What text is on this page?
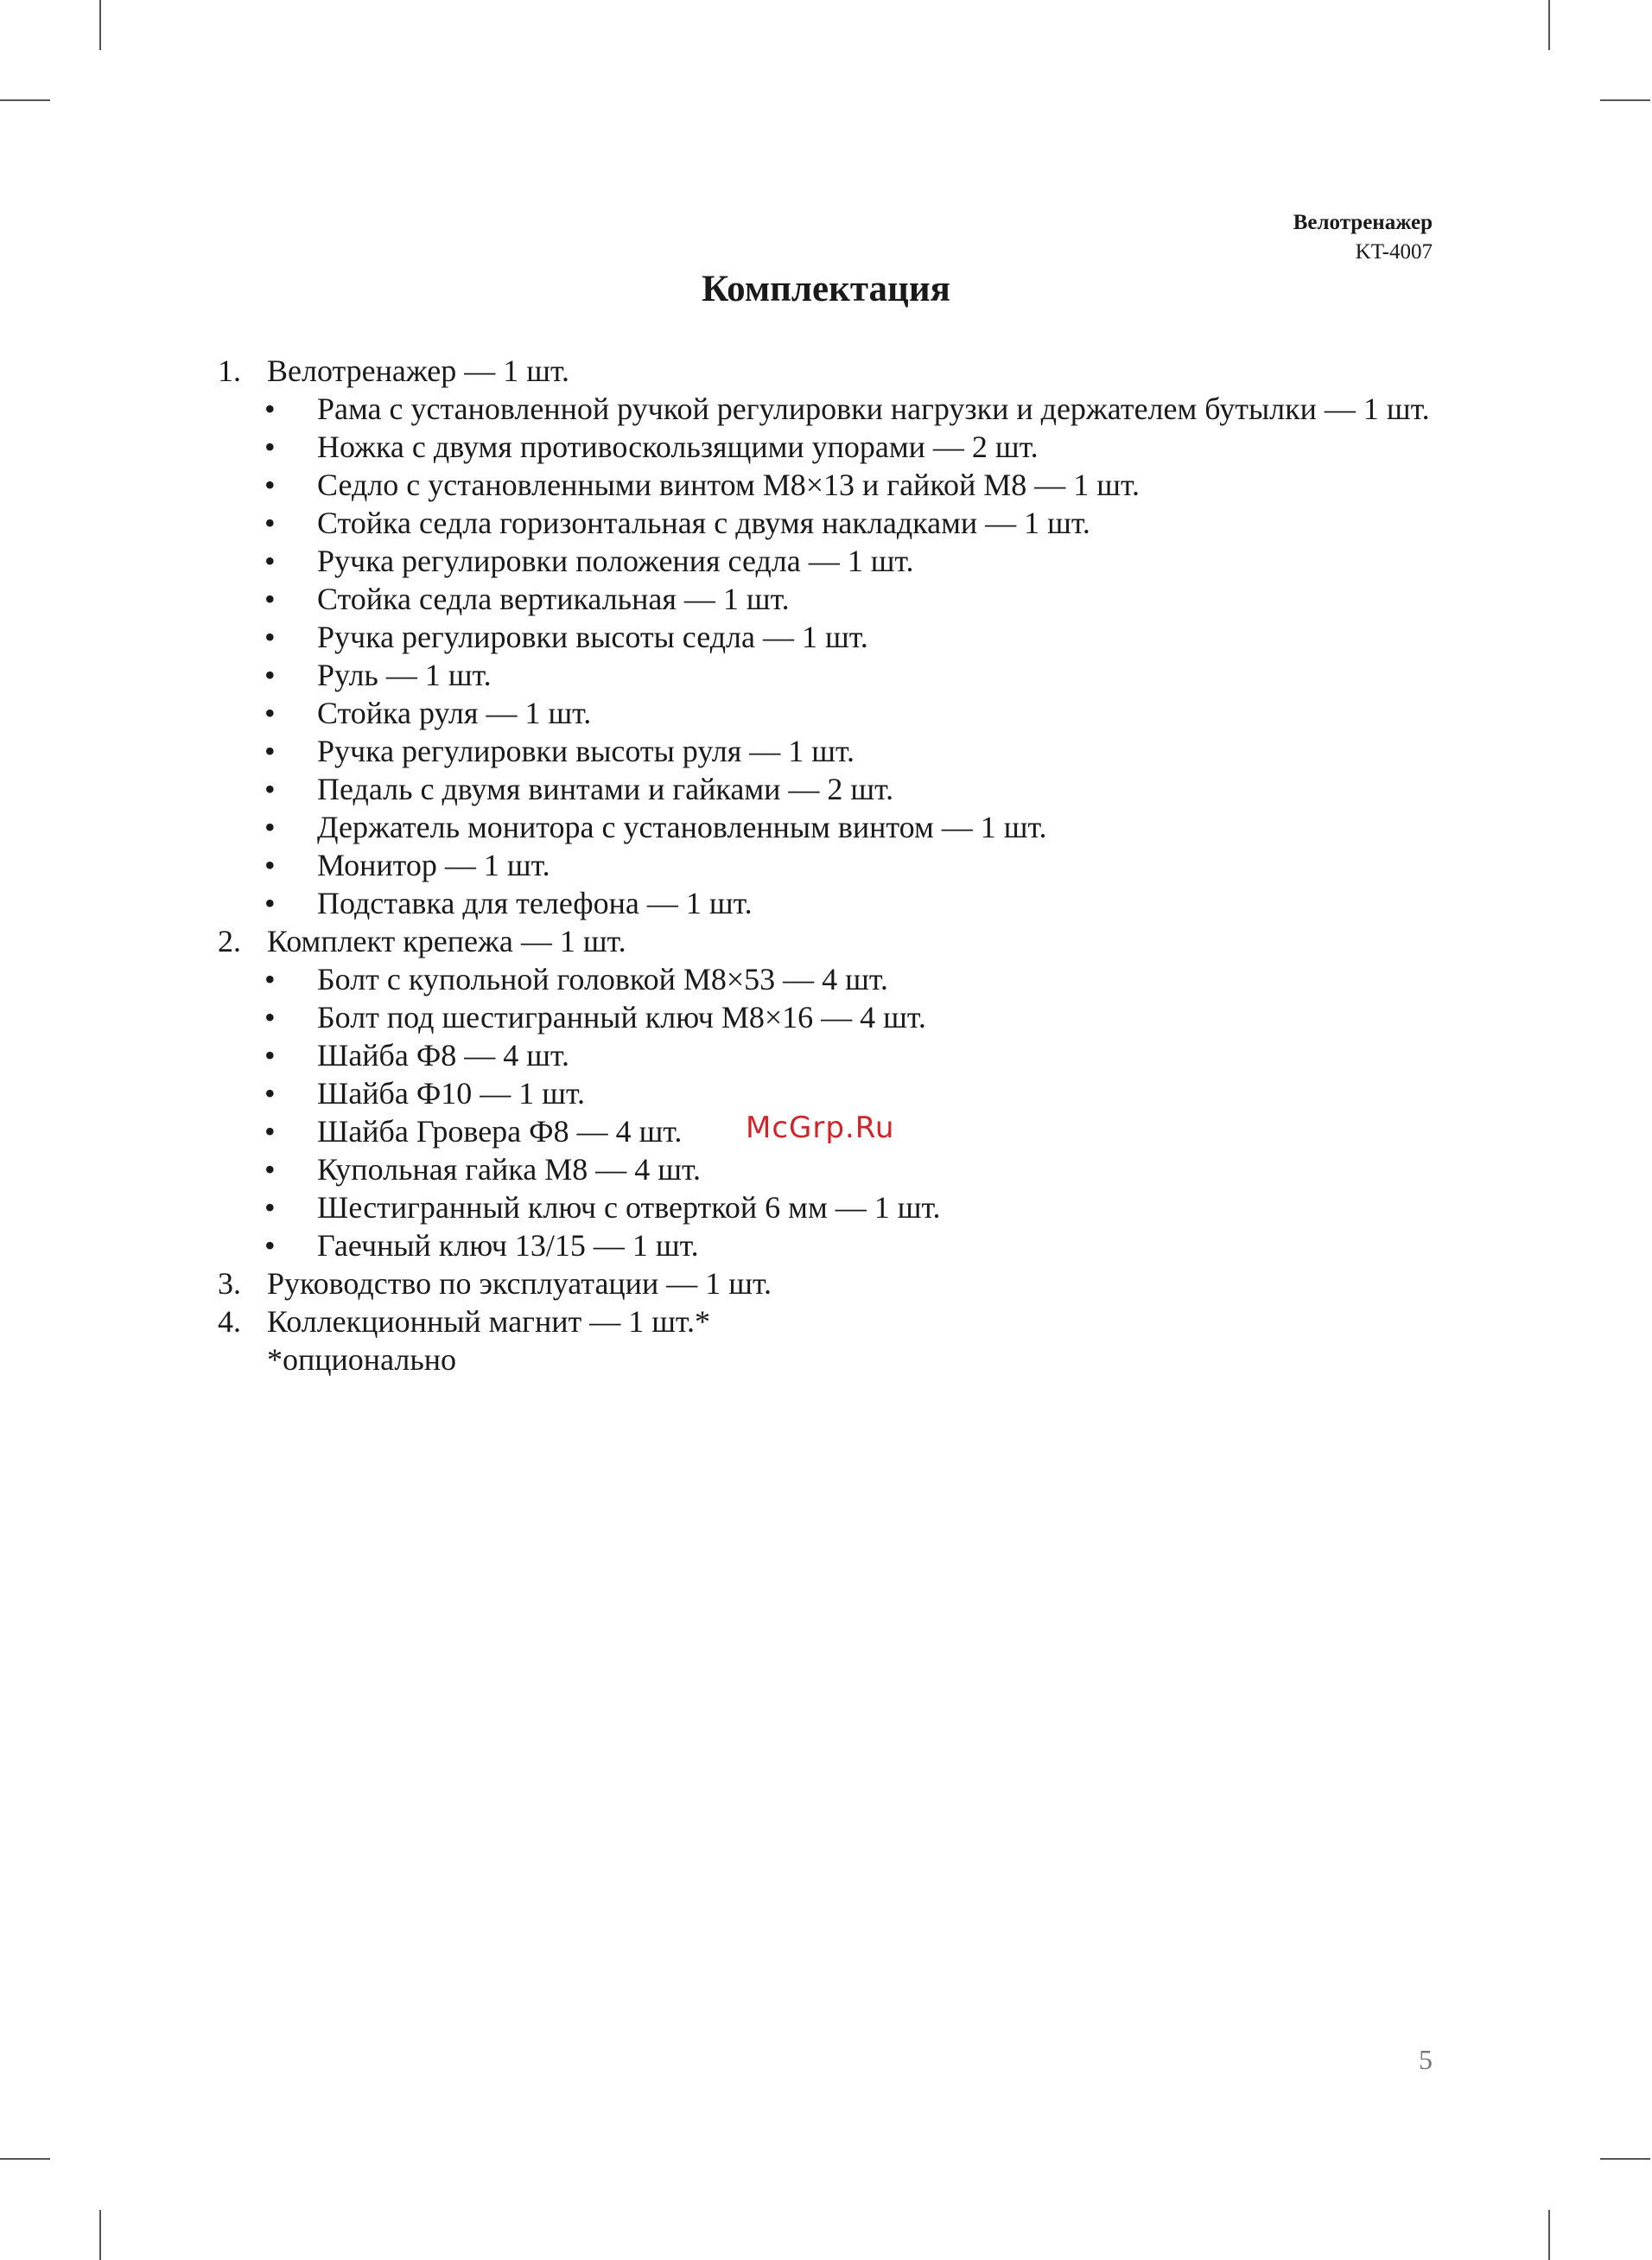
Велотренажер
KT-4007
Комплектация
1. Велотренажер — 1 шт.
• Рама с установленной ручкой регулировки нагрузки и держателем бутылки — 1 шт.
• Ножка с двумя противоскользящими упорами — 2 шт.
• Седло с установленными винтом M8×13 и гайкой M8 — 1 шт.
• Стойка седла горизонтальная с двумя накладками — 1 шт.
• Ручка регулировки положения седла — 1 шт.
• Стойка седла вертикальная — 1 шт.
• Ручка регулировки высоты седла — 1 шт.
• Руль — 1 шт.
• Стойка руля — 1 шт.
• Ручка регулировки высоты руля — 1 шт.
• Педаль с двумя винтами и гайками — 2 шт.
• Держатель монитора с установленным винтом — 1 шт.
• Монитор — 1 шт.
• Подставка для телефона — 1 шт.
2. Комплект крепежа — 1 шт.
• Болт с купольной головкой M8×53 — 4 шт.
• Болт под шестигранный ключ M8×16 — 4 шт.
• Шайба Ф8 — 4 шт.
• Шайба Ф10 — 1 шт.
• Шайба Гровера Ф8 — 4 шт.
• Купольная гайка M8 — 4 шт.
• Шестигранный ключ с отверткой 6 мм — 1 шт.
• Гаечный ключ 13/15 — 1 шт.
3. Руководство по эксплуатации — 1 шт.
4. Коллекционный магнит — 1 шт.*
*опционально
McGrp.Ru
5
